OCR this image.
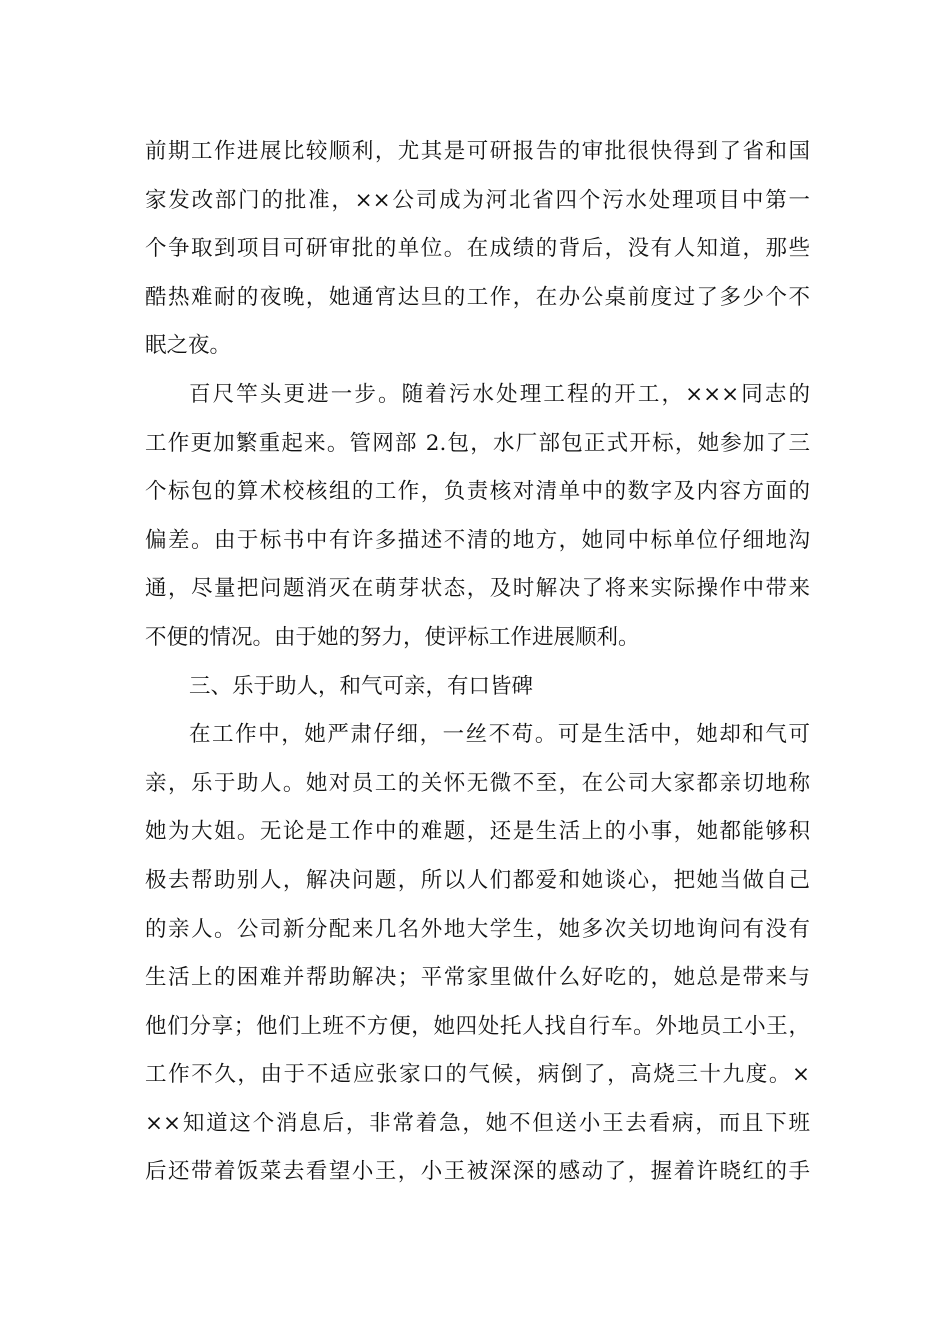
前期工作进展比较顺利，尤其是可研报告的审批很快得到了省和国
家发改部门的批准，××公司成为河北省四个污水处理项目中第一
个争取到项目可研审批的单位。在成绩的背后，没有人知道，那些
酷热难耐的夜晚，她通宵达旦的工作，在办公桌前度过了多少个不
眠之夜。
百尺竿头更进一步。随着污水处理工程的开工，×××同志的
工作更加繁重起来。管网部 2.包，水厂部包正式开标，她参加了三
个标包的算术校核组的工作，负责核对清单中的数字及内容方面的
偏差。由于标书中有许多描述不清的地方，她同中标单位仔细地沟
通，尽量把问题消灭在萌芽状态，及时解决了将来实际操作中带来
不便的情况。由于她的努力，使评标工作进展顺利。
三、乐于助人，和气可亲，有口皆碑
在工作中，她严肃仔细，一丝不苟。可是生活中，她却和气可
亲，乐于助人。她对员工的关怀无微不至，在公司大家都亲切地称
她为大姐。无论是工作中的难题，还是生活上的小事，她都能够积
极去帮助别人，解决问题，所以人们都爱和她谈心，把她当做自己
的亲人。公司新分配来几名外地大学生，她多次关切地询问有没有
生活上的困难并帮助解决；平常家里做什么好吃的，她总是带来与
他们分享；他们上班不方便，她四处托人找自行车。外地员工小王，
工作不久，由于不适应张家口的气候，病倒了，高烧三十九度。×
××知道这个消息后，非常着急，她不但送小王去看病，而且下班
后还带着饭菜去看望小王，小王被深深的感动了，握着许晓红的手
